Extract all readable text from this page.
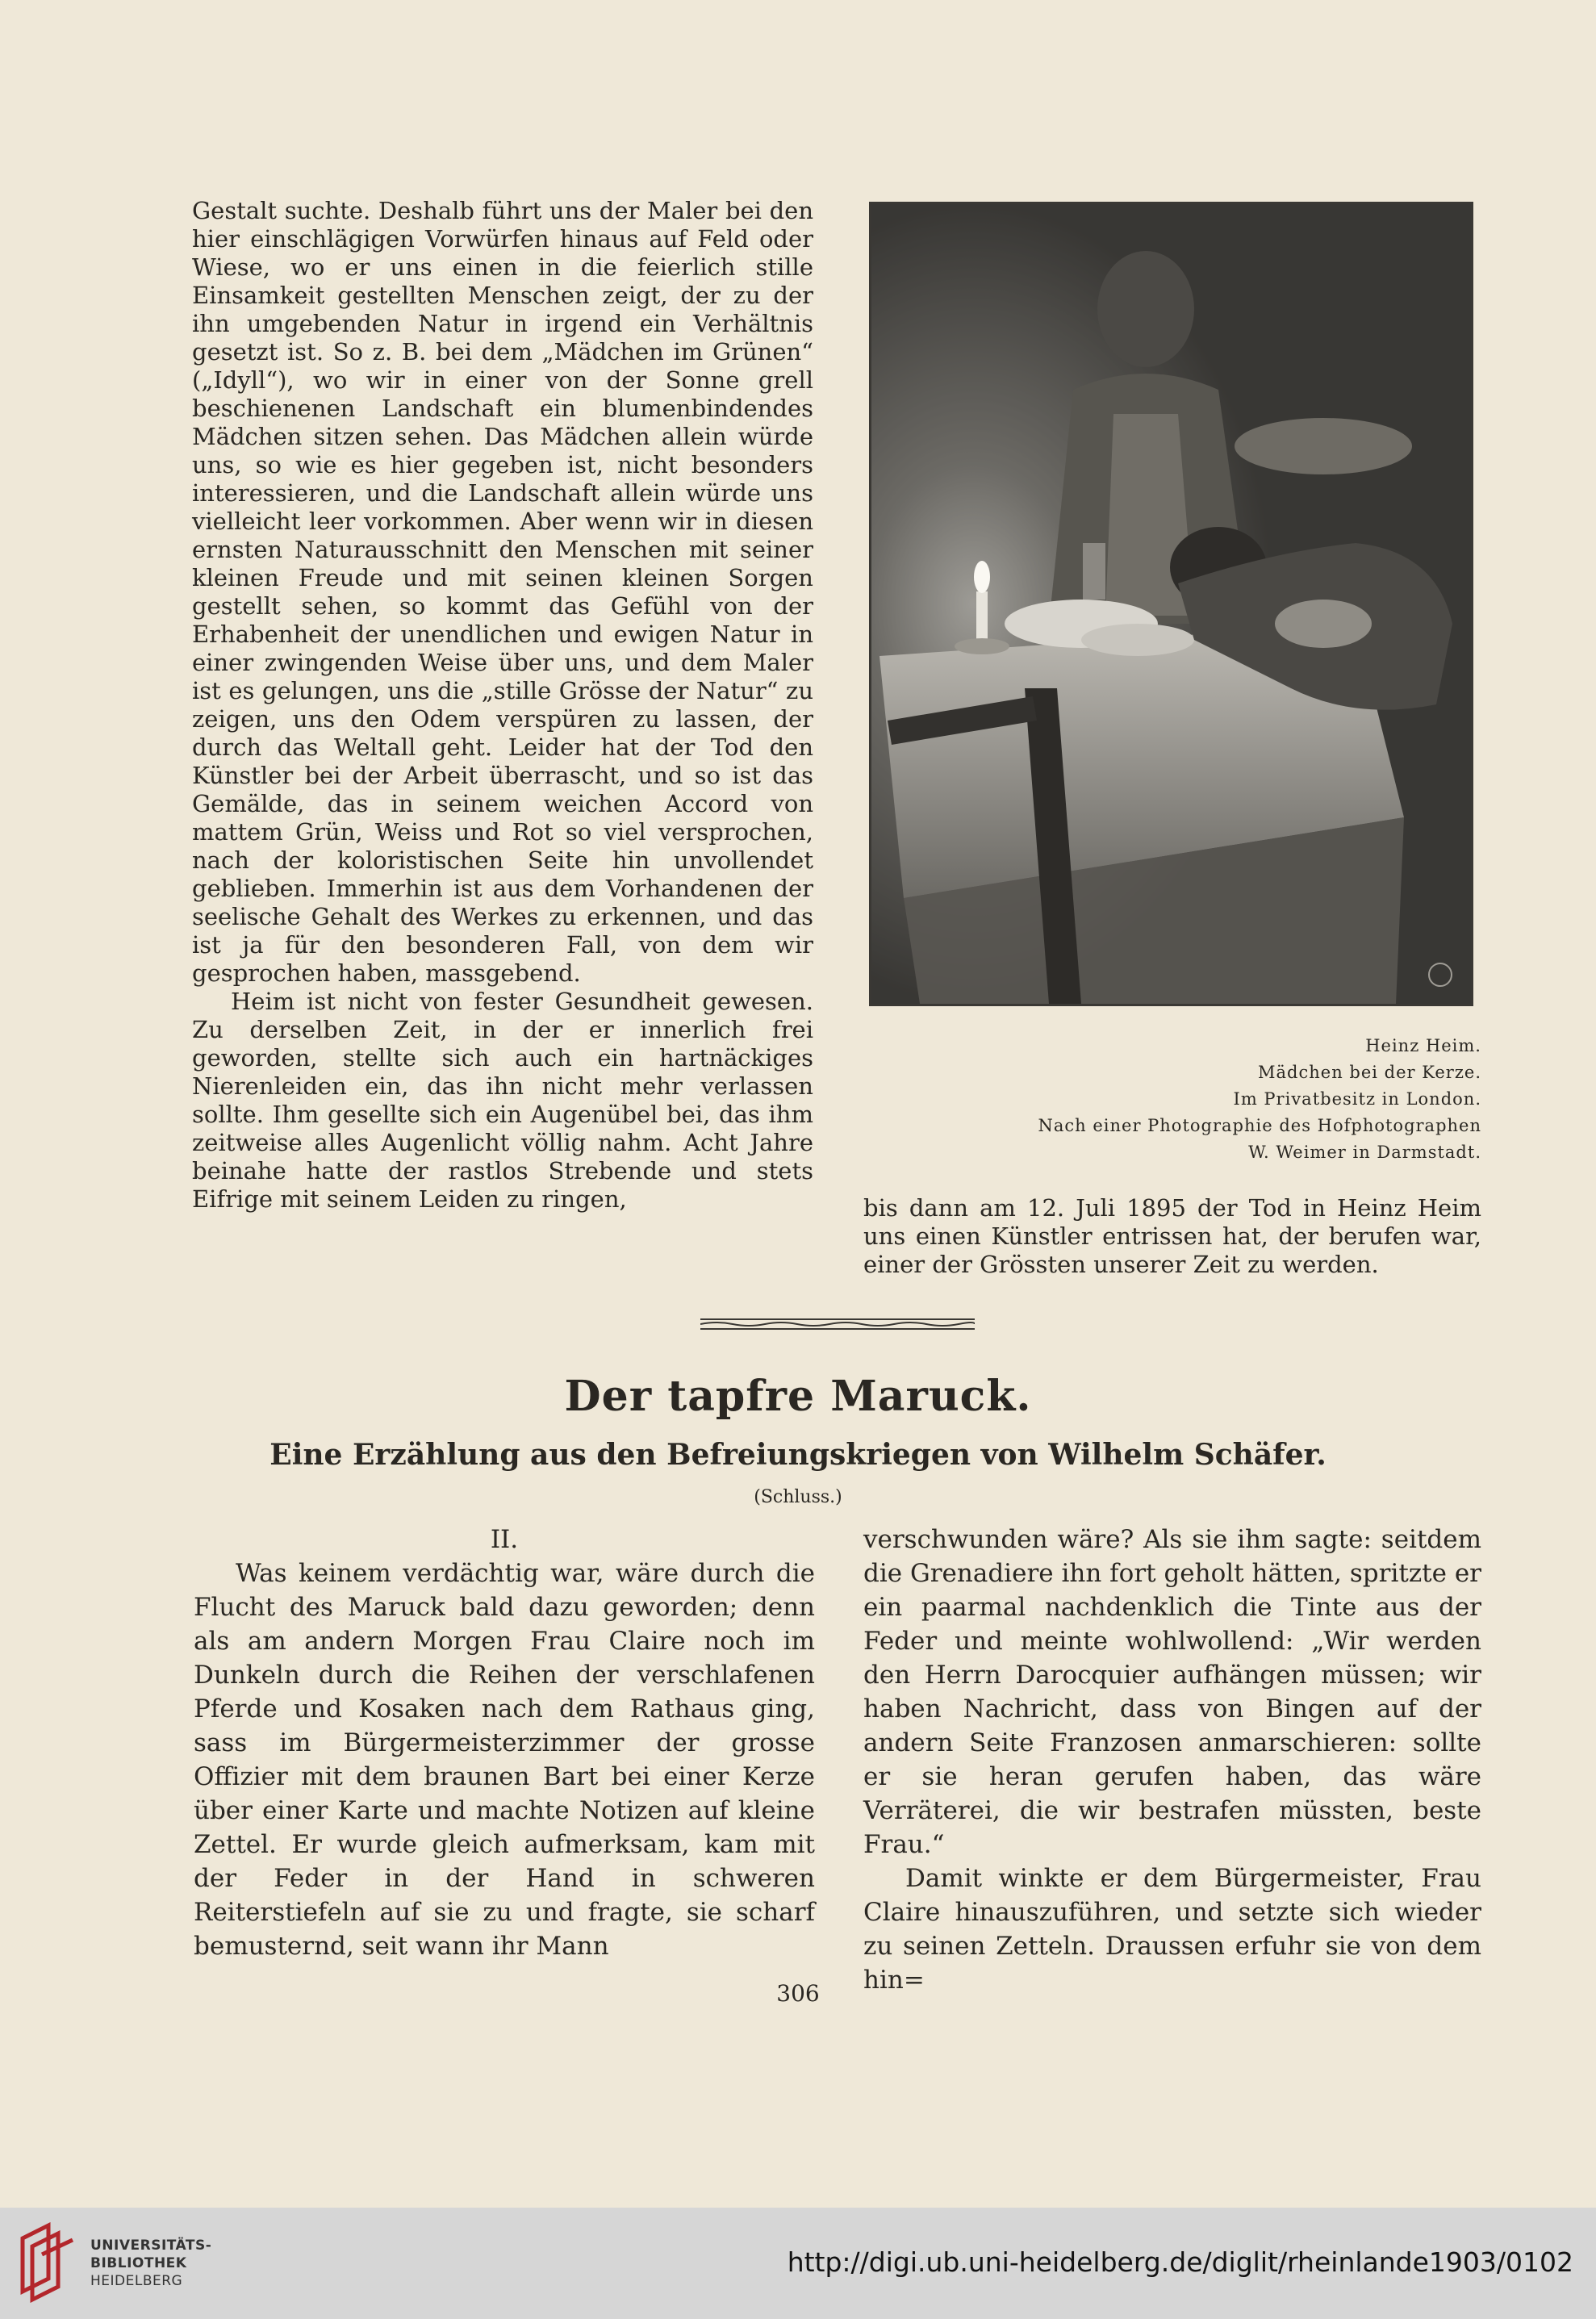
Gestalt suchte. Deshalb führt uns der Maler bei den hier einschlägigen Vorwürfen hinaus auf Feld oder Wiese, wo er uns einen in die feierlich stille Einsamkeit gestellten Menschen zeigt, der zu der ihn umgebenden Natur in irgend ein Verhältnis gesetzt ist. So z. B. bei dem „Mädchen im Grünen“ („Idyll“), wo wir in einer von der Sonne grell beschienenen Landschaft ein blumenbindendes Mädchen sitzen sehen. Das Mädchen allein würde uns, so wie es hier gegeben ist, nicht besonders interessieren, und die Landschaft allein würde uns vielleicht leer vorkommen. Aber wenn wir in diesen ernsten Naturausschnitt den Menschen mit seiner kleinen Freude und mit seinen kleinen Sorgen gestellt sehen, so kommt das Gefühl von der Erhabenheit der unendlichen und ewigen Natur in einer zwingenden Weise über uns, und dem Maler ist es gelungen, uns die „stille Grösse der Natur“ zu zeigen, uns den Odem verspüren zu lassen, der durch das Weltall geht. Leider hat der Tod den Künstler bei der Arbeit überrascht, und so ist das Gemälde, das in seinem weichen Accord von mattem Grün, Weiss und Rot so viel versprochen, nach der koloristischen Seite hin unvollendet geblieben. Immerhin ist aus dem Vorhandenen der seelische Gehalt des Werkes zu erkennen, und das ist ja für den besonderen Fall, von dem wir gesprochen haben, massgebend.

Heim ist nicht von fester Gesundheit gewesen. Zu derselben Zeit, in der er innerlich frei geworden, stellte sich auch ein hartnäckiges Nierenleiden ein, das ihn nicht mehr verlassen sollte. Ihm gesellte sich ein Augenübel bei, das ihm zeitweise alles Augenlicht völlig nahm. Acht Jahre beinahe hatte der rastlos Strebende und stets Eifrige mit seinem Leiden zu ringen,

Heinz Heim.
Mädchen bei der Kerze.
Im Privatbesitz in London.
Nach einer Photographie des Hofphotographen
W. Weimer in Darmstadt.

bis dann am 12. Juli 1895 der Tod in Heinz Heim uns einen Künstler entrissen hat, der berufen war, einer der Grössten unserer Zeit zu werden.

Der tapfre Maruck.
Eine Erzählung aus den Befreiungskriegen von Wilhelm Schäfer.
(Schluss.)

II.

Was keinem verdächtig war, wäre durch die Flucht des Maruck bald dazu geworden; denn als am andern Morgen Frau Claire noch im Dunkeln durch die Reihen der verschlafenen Pferde und Kosaken nach dem Rathaus ging, sass im Bürgermeisterzimmer der grosse Offizier mit dem braunen Bart bei einer Kerze über einer Karte und machte Notizen auf kleine Zettel. Er wurde gleich aufmerksam, kam mit der Feder in der Hand in schweren Reiterstiefeln auf sie zu und fragte, sie scharf bemusternd, seit wann ihr Mann

verschwunden wäre? Als sie ihm sagte: seitdem die Grenadiere ihn fort geholt hätten, spritzte er ein paarmal nachdenklich die Tinte aus der Feder und meinte wohlwollend: „Wir werden den Herrn Darocquier aufhängen müssen; wir haben Nachricht, dass von Bingen auf der andern Seite Franzosen anmarschieren: sollte er sie heran gerufen haben, das wäre Verräterei, die wir bestrafen müssten, beste Frau.“

Damit winkte er dem Bürgermeister, Frau Claire hinauszuführen, und setzte sich wieder zu seinen Zetteln. Draussen erfuhr sie von dem hin=

306
UNIVERSITÄTS-
BIBLIOTHEK
HEIDELBERG
http://digi.ub.uni-heidelberg.de/diglit/rheinlande1903/0102
